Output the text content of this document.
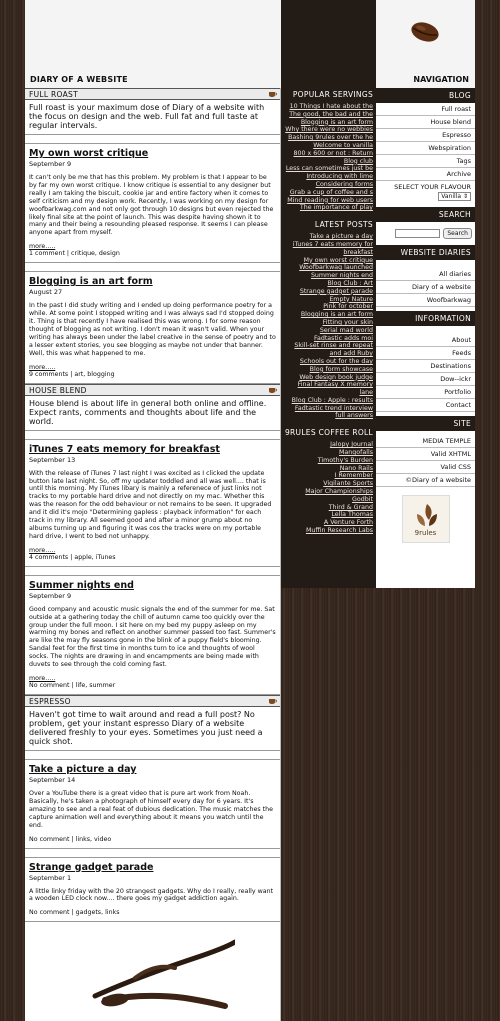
DIARY OF A WEBSITE	NAVIGATION
FULL ROAST
Full roast is your maximum dose of Diary of a website with the focus on design and the web. Full fat and full taste at regular intervals.
My own worst critique
September 9
It can't only be me that has this problem. My problem is that I appear to be by far my own worst critique. I know critique is essential to any designer but really I am taking the biscuit, cookie jar and entire factory when it comes to self criticism and my design work. Recently, I was working on my design for woofbarkwag.com and not only got through 10 designs but even rejected the likely final site at the point of launch. This was despite having shown it to many and their being a resounding pleased response. It seems I can please anyone apart from myself.
more.....
1 comment | critique, design
Blogging is an art form
August 27
In the past I did study writing and I ended up doing performance poetry for a while. At some point I stopped writing and I was always sad I'd stopped doing it. Thing is that recently I have realised this was wrong. I for some reason thought of blogging as not writing. I don't mean it wasn't valid. When your writing has always been under the label creative in the sense of poetry and to a lesser extent stories, you see blogging as maybe not under that banner. Well, this was what happened to me.
more.....
9 comments | art, blogging
HOUSE BLEND
House blend is about life in general both online and offline. Expect rants, comments and thoughts about life and the world.
iTunes 7 eats memory for breakfast
September 13
With the release of iTunes 7 last night I was excited as I clicked the update button late last night. So, off my updater toddled and all was well.... that is until this morning. My iTunes libary is mainly a referenece of just links not tracks to my portable hard drive and not directly on my mac. Whether this was the reason for the odd behaviour or not remains to be seen. It upgraded and it did it's mojo "Determining gapless : playback information" for each track in my library. All seemed good and after a minor grump about no albums turning up and figuring it was cos the tracks were on my portable hard drive, I went to bed not unhappy.
more.....
4 comments | apple, iTunes
Summer nights end
September 9
Good company and acoustic music signals the end of the summer for me. Sat outside at a gathering today the chill of autumn came too quickly over the group under the full moon. I sit here on my bed my puppy asleep on my warming my bones and reflect on another summer passed too fast. Summer's are like the may fly seasons gone in the blink of a puppy field's blooming. Sandal feet for the first time in months turn to ice and thoughts of wool socks. The nights are drawing in and encampments are being made with duvets to see through the cold coming fast.
more.....
No comment | life, summer
ESPRESSO
Haven't got time to wait around and read a full post? No problem, get your instant espresso Diary of a website delivered freshly to your eyes. Sometimes you just need a quick shot.
Take a picture a day
September 14
Over a YouTube there is a great video that is pure art work from Noah. Basically, he's taken a photograph of himself every day for 6 years. It's amazing to see and a real feat of dubious dedication. The music matches the capture animation well and everything about it means you watch until the end.
No comment | links, video
Strange gadget parade
September 1
A little linky friday with the 20 strangest gadgets. Why do I really, really want a wooden LED clock now.... there goes my gadget addiction again.
No comment | gadgets, links
POPULAR SERVINGS
10 Things I hate about the
The good, the bad and the
Blogging is an art form
Why there were no webbies
Bashing 9rules over the he
Welcome to vanilla
800 x 600 or not : Return
Blog club
Less can sometimes just be
Introducing with lime
Considering forms
Grab a cup of coffee and s
Mind reading for web users
The importance of play
LATEST POSTS
Take a picture a day
iTunes 7 eats memory for
breakfast
My own worst critique
Woofbarkwag launched
Summer nights end
Blog Club : Art
Strange gadget parade
Empty Nature
Pink for october
Blogging is an art form
Fitting your skin
Serial mad world
Fadtastic adds moi
Skill-set rinse and repeat
and add Ruby
Schools out for the day
Blog form showcase
Web design book judge
Final Fantasy X memory
lane
Blog Club : Apple : results
Fadtastic trend interview
full answers
9RULES COFFEE ROLL
Jalopy Journal
Mangofalls
Timothy's Burden
Nano Rails
I Remember
Vigilante Sports
Major Championships
Godbit
Third & Grand
Lella Thomas
A Venture Forth
Muffin Research Labs
BLOG
Full roast
House blend
Espresso
Webspiration
Tags
Archive
SELECT YOUR FLAVOUR
Vanilla ⇕
SEARCH
Search
WEBSITE DIARIES
All diaries
Diary of a website
Woofbarkwag
INFORMATION
About
Feeds
Destinations
Dow--ickr
Portfolio
Contact
SITE
MEDIA TEMPLE
Valid XHTML
Valid CSS
©Diary of a website
9rules
